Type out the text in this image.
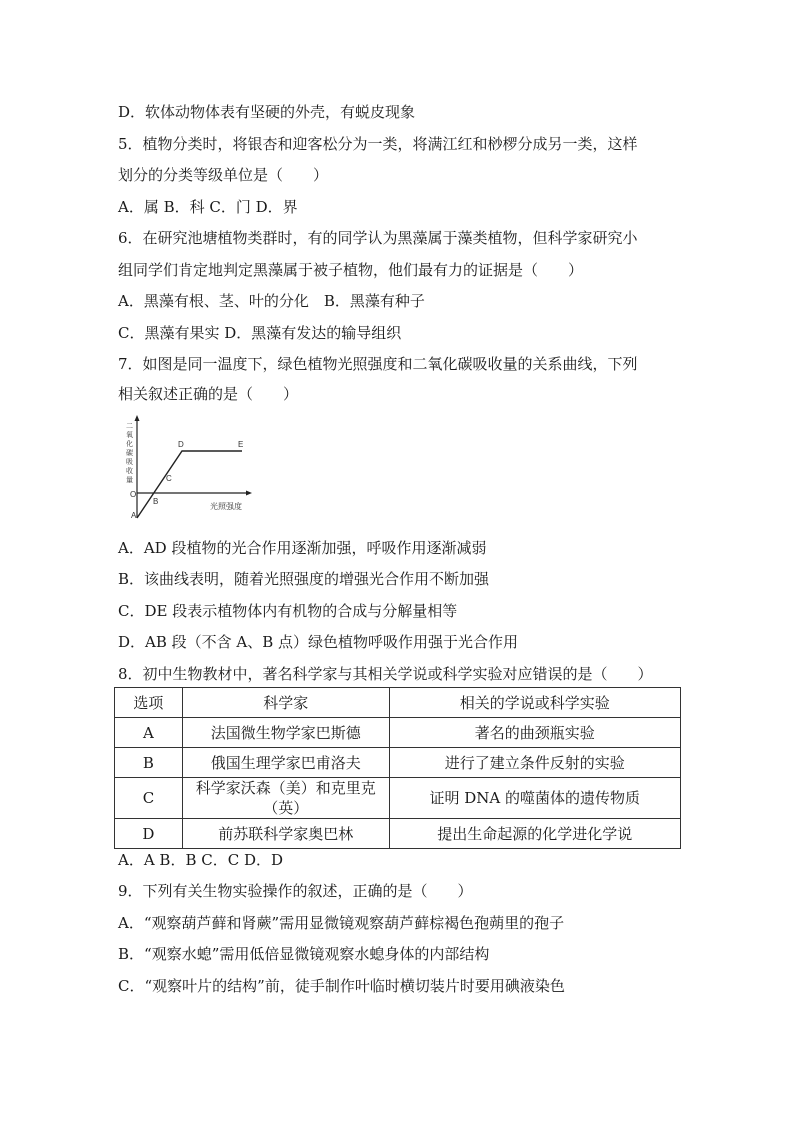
D．软体动物体表有坚硬的外壳，有蜕皮现象
5．植物分类时，将银杏和迎客松分为一类，将满江红和桫椤分成另一类，这样
划分的分类等级单位是（　　）
A．属 B．科 C．门 D．界
6．在研究池塘植物类群时，有的同学认为黑藻属于藻类植物，但科学家研究小
组同学们肯定地判定黑藻属于被子植物，他们最有力的证据是（　　）
A．黑藻有根、茎、叶的分化　B．黑藻有种子
C．黑藻有果实 D．黑藻有发达的输导组织
7．如图是同一温度下，绿色植物光照强度和二氧化碳吸收量的关系曲线，下列
相关叙述正确的是（　　）
二
氧
化
碳
吸
收
量
O
A
B
C
D	E
光照强度
A．AD 段植物的光合作用逐渐加强，呼吸作用逐渐减弱
B．该曲线表明，随着光照强度的增强光合作用不断加强
C．DE 段表示植物体内有机物的合成与分解量相等
D．AB 段（不含 A、B 点）绿色植物呼吸作用强于光合作用
8．初中生物教材中，著名科学家与其相关学说或科学实验对应错误的是（　　）
选项	科学家	相关的学说或科学实验
A	法国微生物学家巴斯德	著名的曲颈瓶实验
B	俄国生理学家巴甫洛夫	进行了建立条件反射的实验
C	科学家沃森（美）和克里克（英）	证明 DNA 的噬菌体的遗传物质
D	前苏联科学家奥巴林	提出生命起源的化学进化学说
A．A B．B C．C D．D
9．下列有关生物实验操作的叙述，正确的是（　　）
A．“观察葫芦藓和肾蕨”需用显微镜观察葫芦藓棕褐色孢蒴里的孢子
B．“观察水螅”需用低倍显微镜观察水螅身体的内部结构
C．“观察叶片的结构”前，徒手制作叶临时横切装片时要用碘液染色
